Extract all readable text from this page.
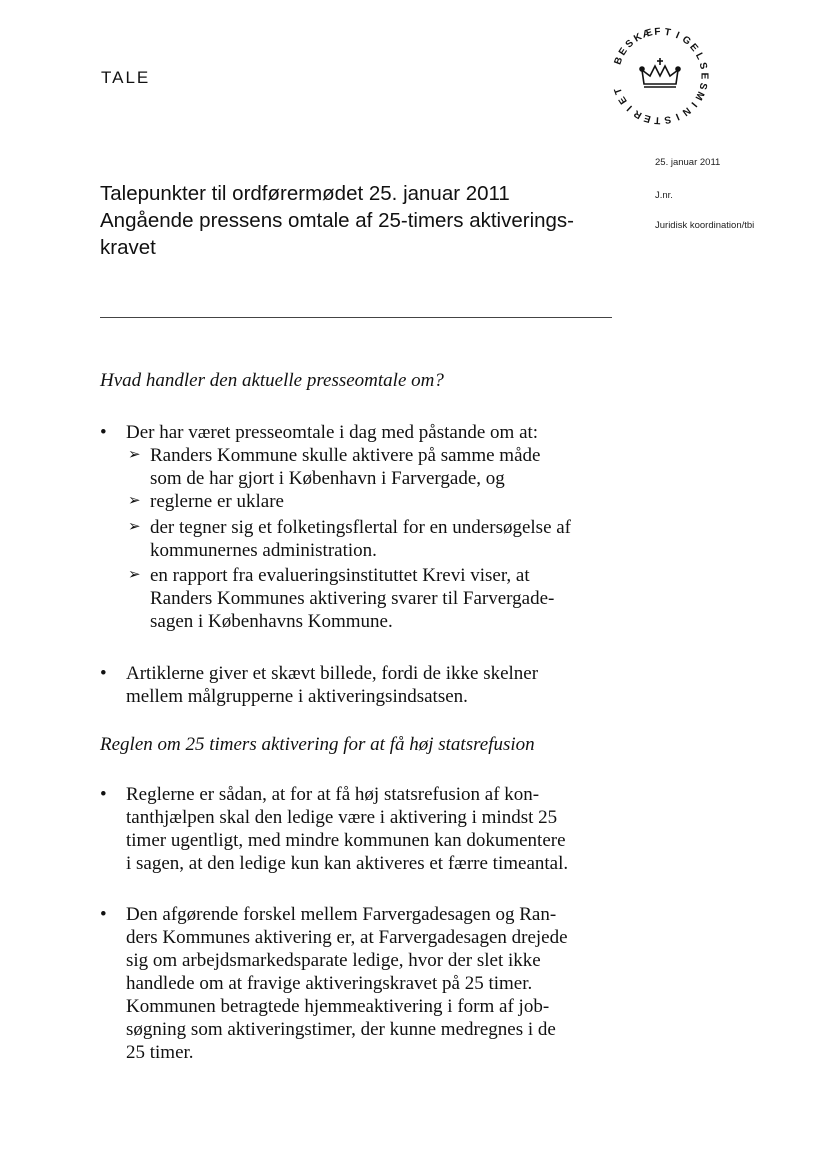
TALE
B
E
S
K
Æ F T I G
E
L
S
E
S
M
I
N
I
S
T
E
R
I
E
T
25. januar 2011
J.nr.
Juridisk koordination/tbi
Talepunkter til ordførermødet 25. januar 2011
Angående pressens omtale af 25-timers aktiverings-
kravet
Hvad handler den aktuelle presseomtale om?
•	Der har været presseomtale i dag med påstande om at:
➢ Randers Kommune skulle aktivere på samme måde
som de har gjort i København i Farvergade, og
➢ reglerne er uklare
➢ der tegner sig et folketingsflertal for en undersøgelse af
kommunernes administration.
➢ en rapport fra evalueringsinstituttet Krevi viser, at
Randers Kommunes aktivering svarer til Farvergade-
sagen i Københavns Kommune.
•	Artiklerne giver et skævt billede, fordi de ikke skelner
mellem målgrupperne i aktiveringsindsatsen.
Reglen om 25 timers aktivering for at få høj statsrefusion
•	Reglerne er sådan, at for at få høj statsrefusion af kon-
tanthjælpen skal den ledige være i aktivering i mindst 25
timer ugentligt, med mindre kommunen kan dokumentere
i sagen, at den ledige kun kan aktiveres et færre timeantal.
•	Den afgørende forskel mellem Farvergadesagen og Ran-
ders Kommunes aktivering er, at Farvergadesagen drejede
sig om arbejdsmarkedsparate ledige, hvor der slet ikke
handlede om at fravige aktiveringskravet på 25 timer.
Kommunen betragtede hjemmeaktivering i form af job-
søgning som aktiveringstimer, der kunne medregnes i de
25 timer.
